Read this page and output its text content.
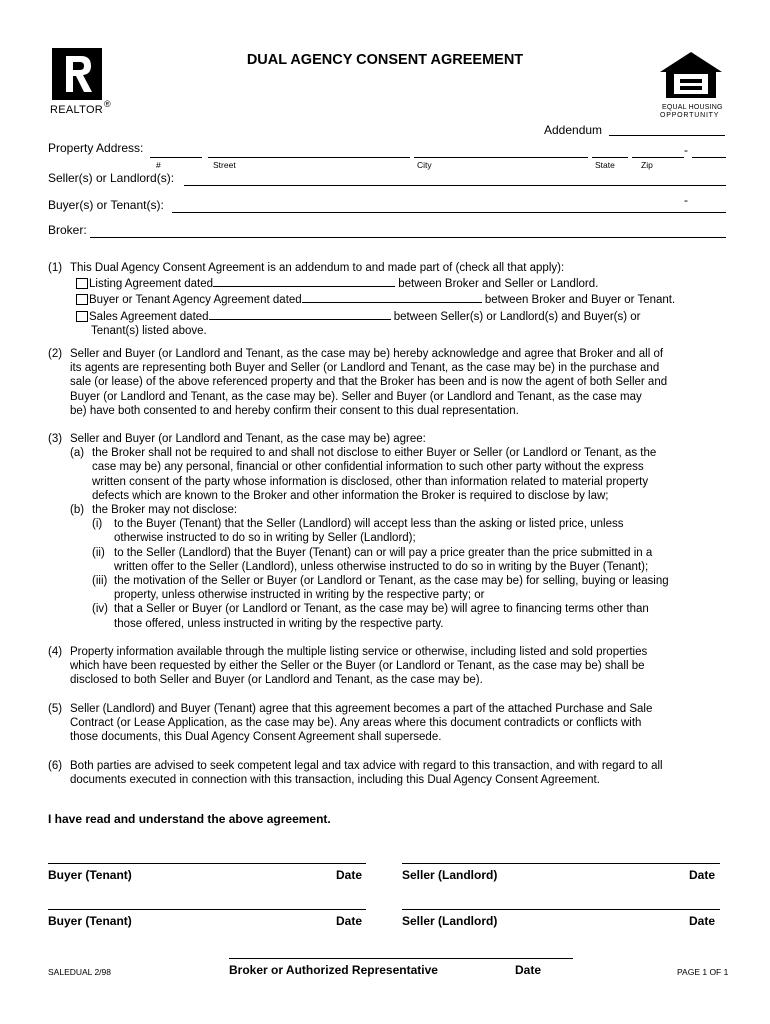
REALTOR ®
DUAL AGENCY CONSENT AGREEMENT
EQUAL HOUSING
OPPORTUNITY
Addendum
Property Address:	-
#	Street	City	State	Zip
Seller(s) or Landlord(s):
Buyer(s) or Tenant(s):	-
Broker:
(1) This Dual Agency Consent Agreement is an addendum to and made part of (check all that apply):
Listing Agreement dated	between Broker and Seller or Landlord.
Buyer or Tenant Agency Agreement dated	between Broker and Buyer or Tenant.
Sales Agreement dated	between Seller(s) or Landlord(s) and Buyer(s) or
Tenant(s) listed above.
(2) Seller and Buyer (or Landlord and Tenant, as the case may be) hereby acknowledge and agree that Broker and all of
its agents are representing both Buyer and Seller (or Landlord and Tenant, as the case may be) in the purchase and
sale (or lease) of the above referenced property and that the Broker has been and is now the agent of both Seller and
Buyer (or Landlord and Tenant, as the case may be). Seller and Buyer (or Landlord and Tenant, as the case may
be) have both consented to and hereby confirm their consent to this dual representation.
(3) Seller and Buyer (or Landlord and Tenant, as the case may be) agree:
(a) the Broker shall not be required to and shall not disclose to either Buyer or Seller (or Landlord or Tenant, as the
case may be) any personal, financial or other confidential information to such other party without the express
written consent of the party whose information is disclosed, other than information related to material property
defects which are known to the Broker and other information the Broker is required to disclose by law;
(b) the Broker may not disclose:
(i) to the Buyer (Tenant) that the Seller (Landlord) will accept less than the asking or listed price, unless
otherwise instructed to do so in writing by Seller (Landlord);
(ii) to the Seller (Landlord) that the Buyer (Tenant) can or will pay a price greater than the price submitted in a
written offer to the Seller (Landlord), unless otherwise instructed to do so in writing by the Buyer (Tenant);
(iii) the motivation of the Seller or Buyer (or Landlord or Tenant, as the case may be) for selling, buying or leasing
property, unless otherwise instructed in writing by the respective party; or
(iv) that a Seller or Buyer (or Landlord or Tenant, as the case may be) will agree to financing terms other than
those offered, unless instructed in writing by the respective party.
(4) Property information available through the multiple listing service or otherwise, including listed and sold properties
which have been requested by either the Seller or the Buyer (or Landlord or Tenant, as the case may be) shall be
disclosed to both Seller and Buyer (or Landlord and Tenant, as the case may be).
(5) Seller (Landlord) and Buyer (Tenant) agree that this agreement becomes a part of the attached Purchase and Sale
Contract (or Lease Application, as the case may be). Any areas where this document contradicts or conflicts with
those documents, this Dual Agency Consent Agreement shall supersede.
(6) Both parties are advised to seek competent legal and tax advice with regard to this transaction, and with regard to all
documents executed in connection with this transaction, including this Dual Agency Consent Agreement.
I have read and understand the above agreement.
Buyer (Tenant)	Date	Seller (Landlord)	Date
Buyer (Tenant)	Date	Seller (Landlord)	Date
Broker or Authorized Representative	Date
SALEDUAL 2/98	PAGE 1 OF 1
